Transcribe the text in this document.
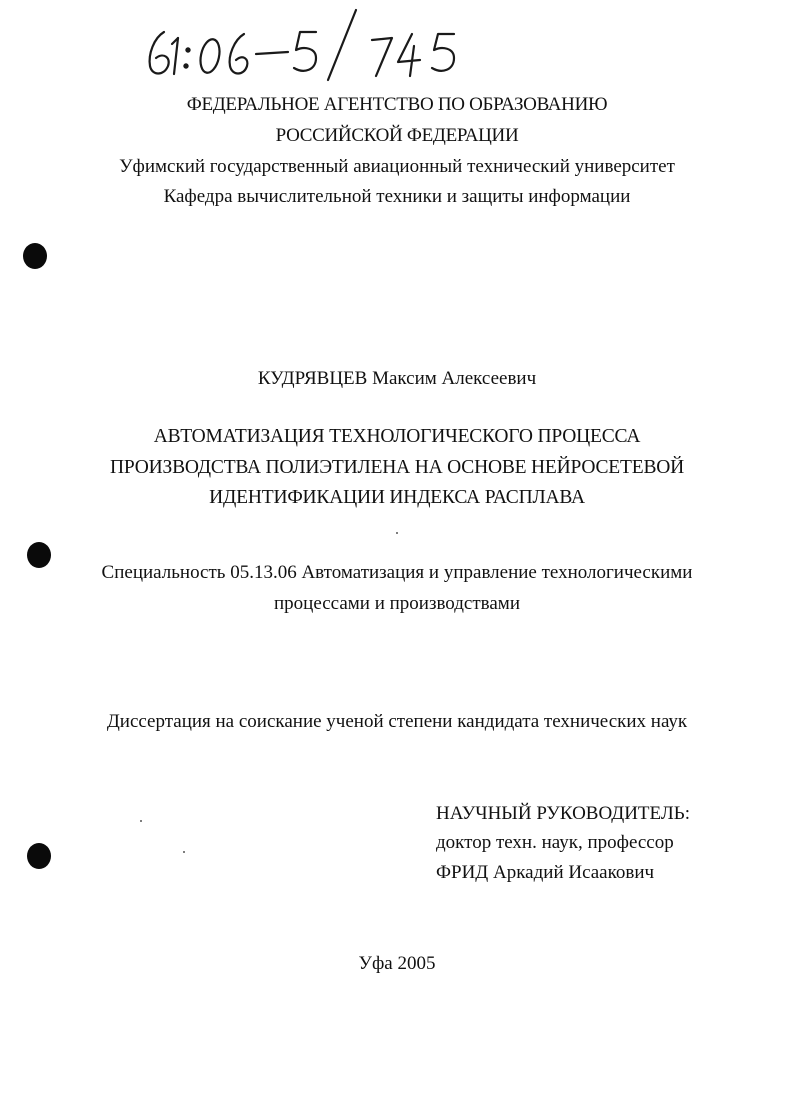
ФЕДЕРАЛЬНОЕ АГЕНТСТВО ПО ОБРАЗОВАНИЮ
РОССИЙСКОЙ ФЕДЕРАЦИИ
Уфимский государственный авиационный технический университет
Кафедра вычислительной техники и защиты информации
КУДРЯВЦЕВ Максим Алексеевич
АВТОМАТИЗАЦИЯ ТЕХНОЛОГИЧЕСКОГО ПРОЦЕССА
ПРОИЗВОДСТВА ПОЛИЭТИЛЕНА НА ОСНОВЕ НЕЙРОСЕТЕВОЙ
ИДЕНТИФИКАЦИИ ИНДЕКСА РАСПЛАВА
Специальность 05.13.06 Автоматизация и управление технологическими
процессами и производствами
Диссертация на соискание ученой степени кандидата технических наук
НАУЧНЫЙ РУКОВОДИТЕЛЬ:
доктор техн. наук, профессор
ФРИД Аркадий Исаакович
Уфа 2005
